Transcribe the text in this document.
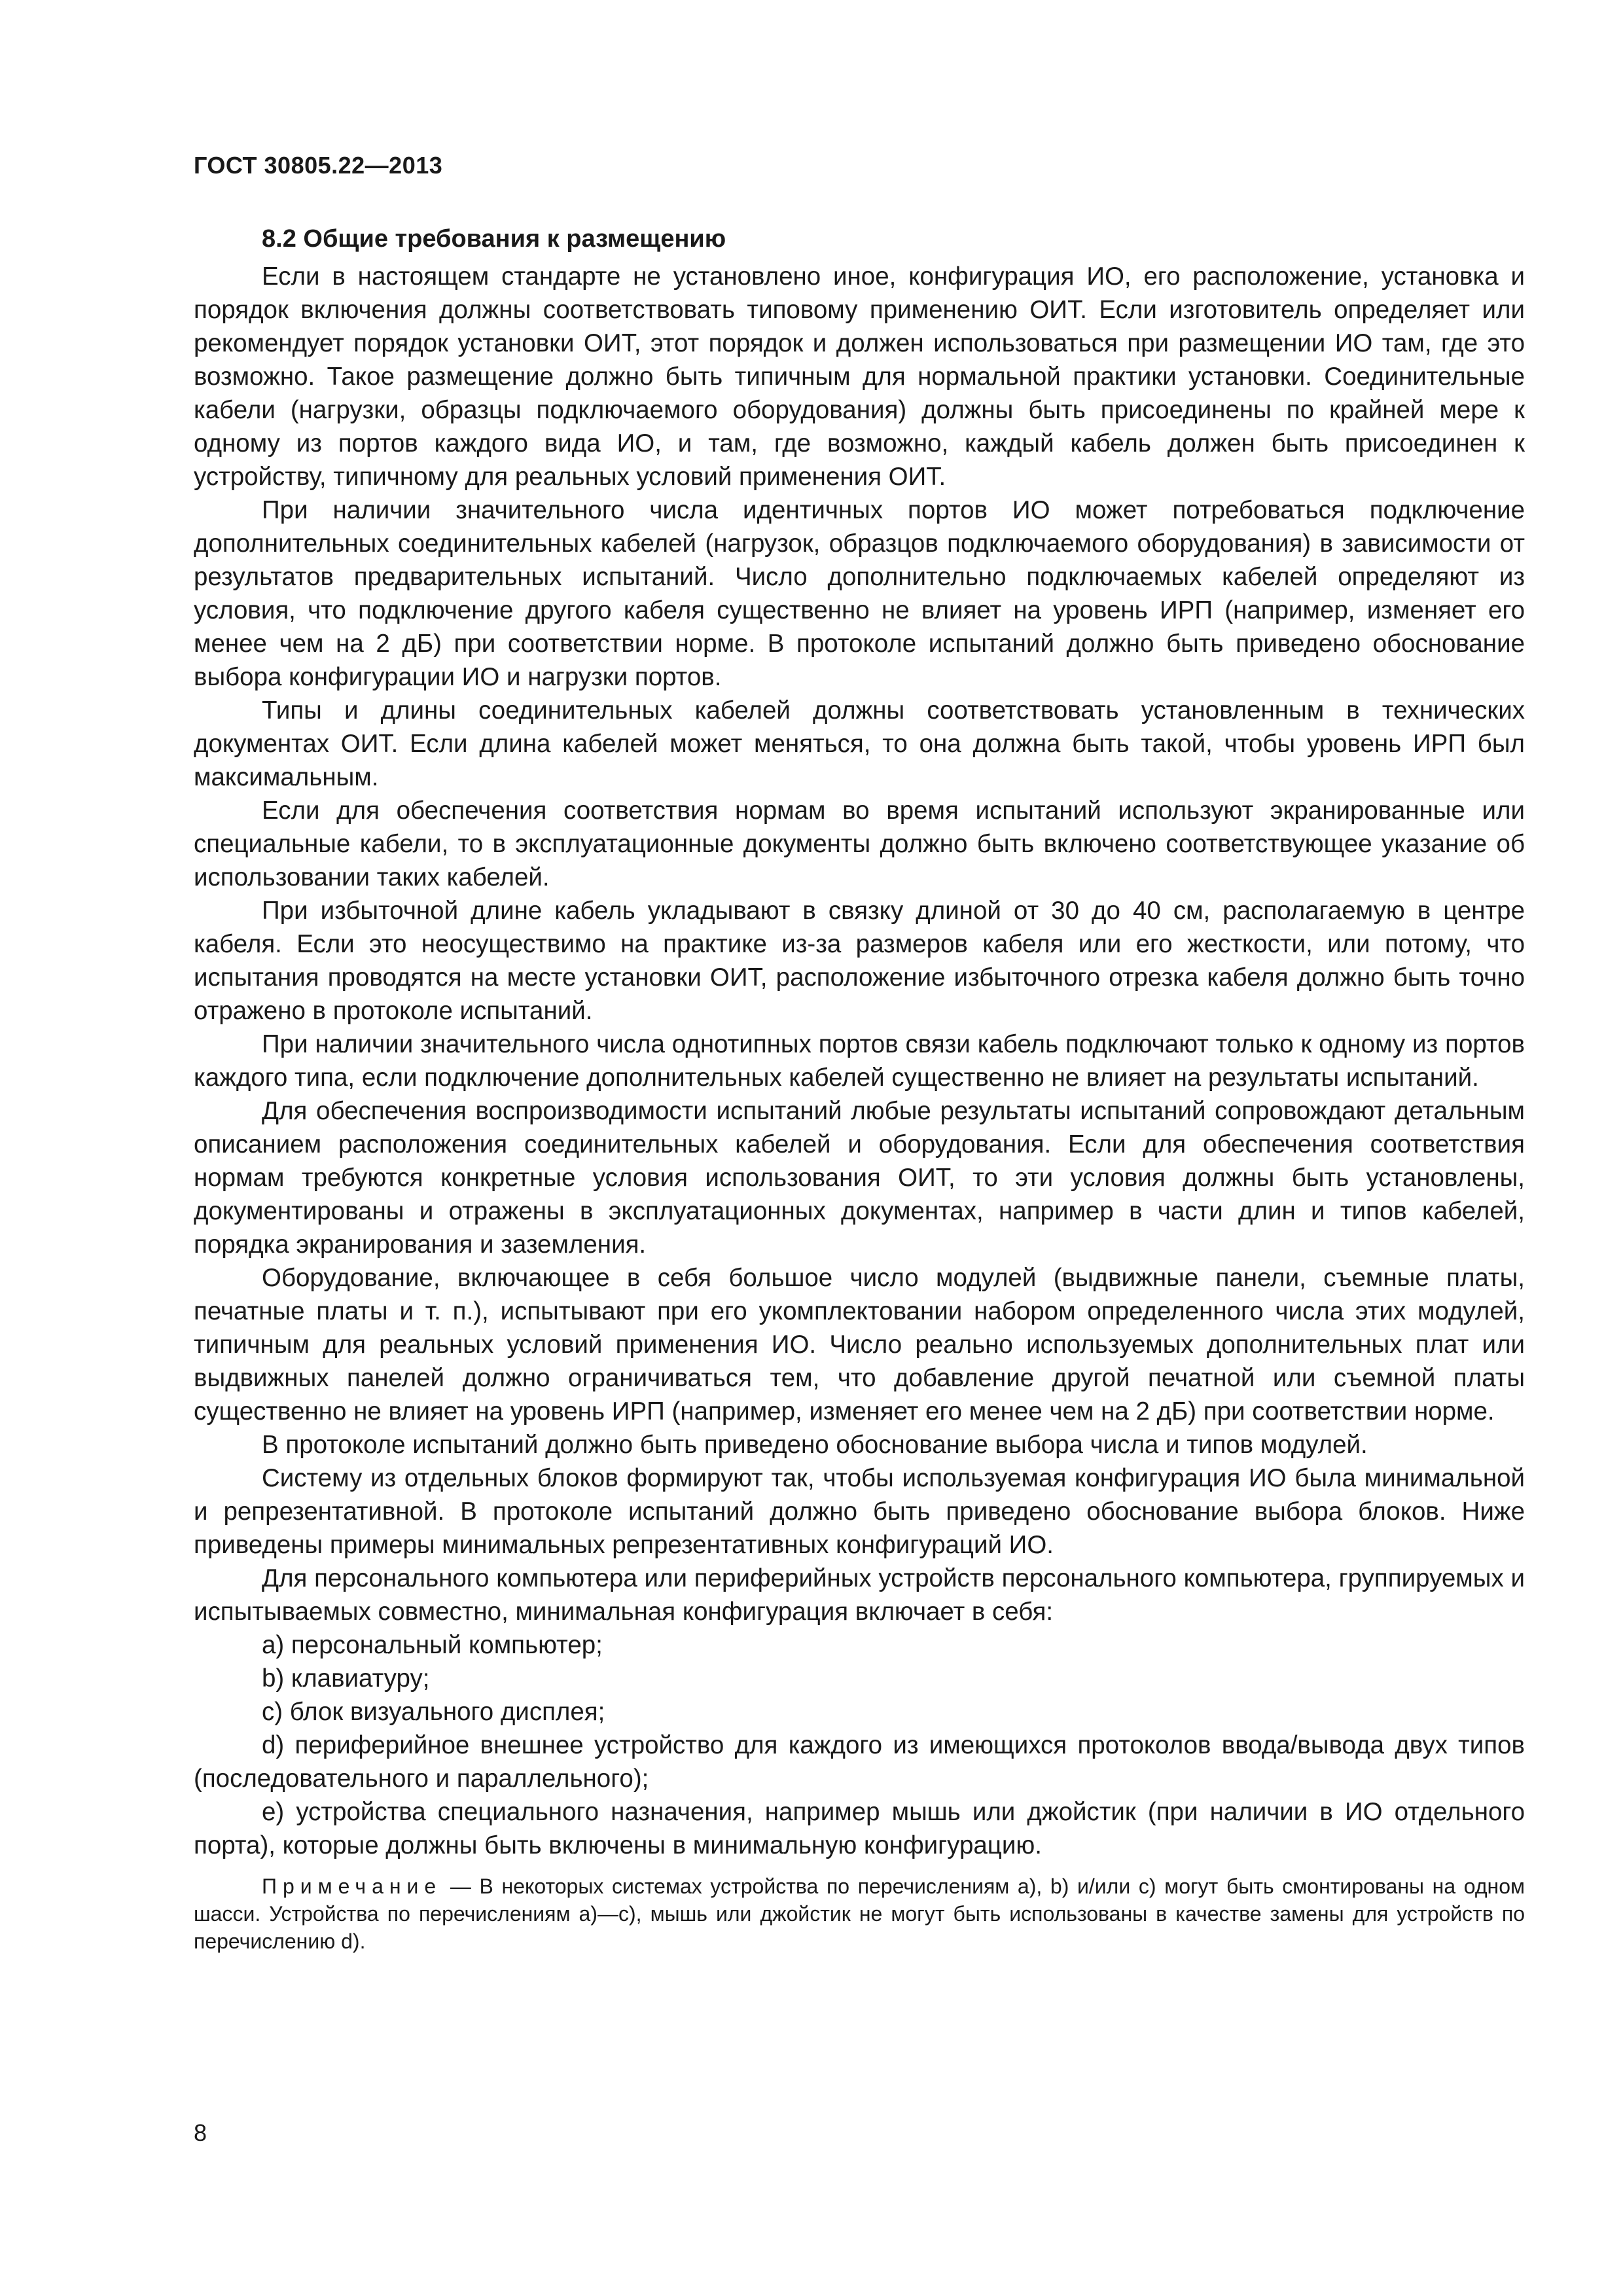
ГОСТ 30805.22—2013

8.2 Общие требования к размещению

Если в настоящем стандарте не установлено иное, конфигурация ИО, его расположение, установка и порядок включения должны соответствовать типовому применению ОИТ. Если изготовитель определяет или рекомендует порядок установки ОИТ, этот порядок и должен использоваться при размещении ИО там, где это возможно. Такое размещение должно быть типичным для нормальной практики установки. Соединительные кабели (нагрузки, образцы подключаемого оборудования) должны быть присоединены по крайней мере к одному из портов каждого вида ИО, и там, где возможно, каждый кабель должен быть присоединен к устройству, типичному для реальных условий применения ОИТ.

При наличии значительного числа идентичных портов ИО может потребоваться подключение дополнительных соединительных кабелей (нагрузок, образцов подключаемого оборудования) в зависимости от результатов предварительных испытаний. Число дополнительно подключаемых кабелей определяют из условия, что подключение другого кабеля существенно не влияет на уровень ИРП (например, изменяет его менее чем на 2 дБ) при соответствии норме. В протоколе испытаний должно быть приведено обоснование выбора конфигурации ИО и нагрузки портов.

Типы и длины соединительных кабелей должны соответствовать установленным в технических документах ОИТ. Если длина кабелей может меняться, то она должна быть такой, чтобы уровень ИРП был максимальным.

Если для обеспечения соответствия нормам во время испытаний используют экранированные или специальные кабели, то в эксплуатационные документы должно быть включено соответствующее указание об использовании таких кабелей.

При избыточной длине кабель укладывают в связку длиной от 30 до 40 см, располагаемую в центре кабеля. Если это неосуществимо на практике из-за размеров кабеля или его жесткости, или потому, что испытания проводятся на месте установки ОИТ, расположение избыточного отрезка кабеля должно быть точно отражено в протоколе испытаний.

При наличии значительного числа однотипных портов связи кабель подключают только к одному из портов каждого типа, если подключение дополнительных кабелей существенно не влияет на результаты испытаний.

Для обеспечения воспроизводимости испытаний любые результаты испытаний сопровождают детальным описанием расположения соединительных кабелей и оборудования. Если для обеспечения соответствия нормам требуются конкретные условия использования ОИТ, то эти условия должны быть установлены, документированы и отражены в эксплуатационных документах, например в части длин и типов кабелей, порядка экранирования и заземления.

Оборудование, включающее в себя большое число модулей (выдвижные панели, съемные платы, печатные платы и т. п.), испытывают при его укомплектовании набором определенного числа этих модулей, типичным для реальных условий применения ИО. Число реально используемых дополнительных плат или выдвижных панелей должно ограничиваться тем, что добавление другой печатной или съемной платы существенно не влияет на уровень ИРП (например, изменяет его менее чем на 2 дБ) при соответствии норме.

В протоколе испытаний должно быть приведено обоснование выбора числа и типов модулей.

Систему из отдельных блоков формируют так, чтобы используемая конфигурация ИО была минимальной и репрезентативной. В протоколе испытаний должно быть приведено обоснование выбора блоков. Ниже приведены примеры минимальных репрезентативных конфигураций ИО.

Для персонального компьютера или периферийных устройств персонального компьютера, группируемых и испытываемых совместно, минимальная конфигурация включает в себя:

a) персональный компьютер;

b) клавиатуру;

c) блок визуального дисплея;

d) периферийное внешнее устройство для каждого из имеющихся протоколов ввода/вывода двух типов (последовательного и параллельного);

e) устройства специального назначения, например мышь или джойстик (при наличии в ИО отдельного порта), которые должны быть включены в минимальную конфигурацию.

Примечание — В некоторых системах устройства по перечислениям a), b) и/или c) могут быть смонтированы на одном шасси. Устройства по перечислениям a)—c), мышь или джойстик не могут быть использованы в качестве замены для устройств по перечислению d).

8
